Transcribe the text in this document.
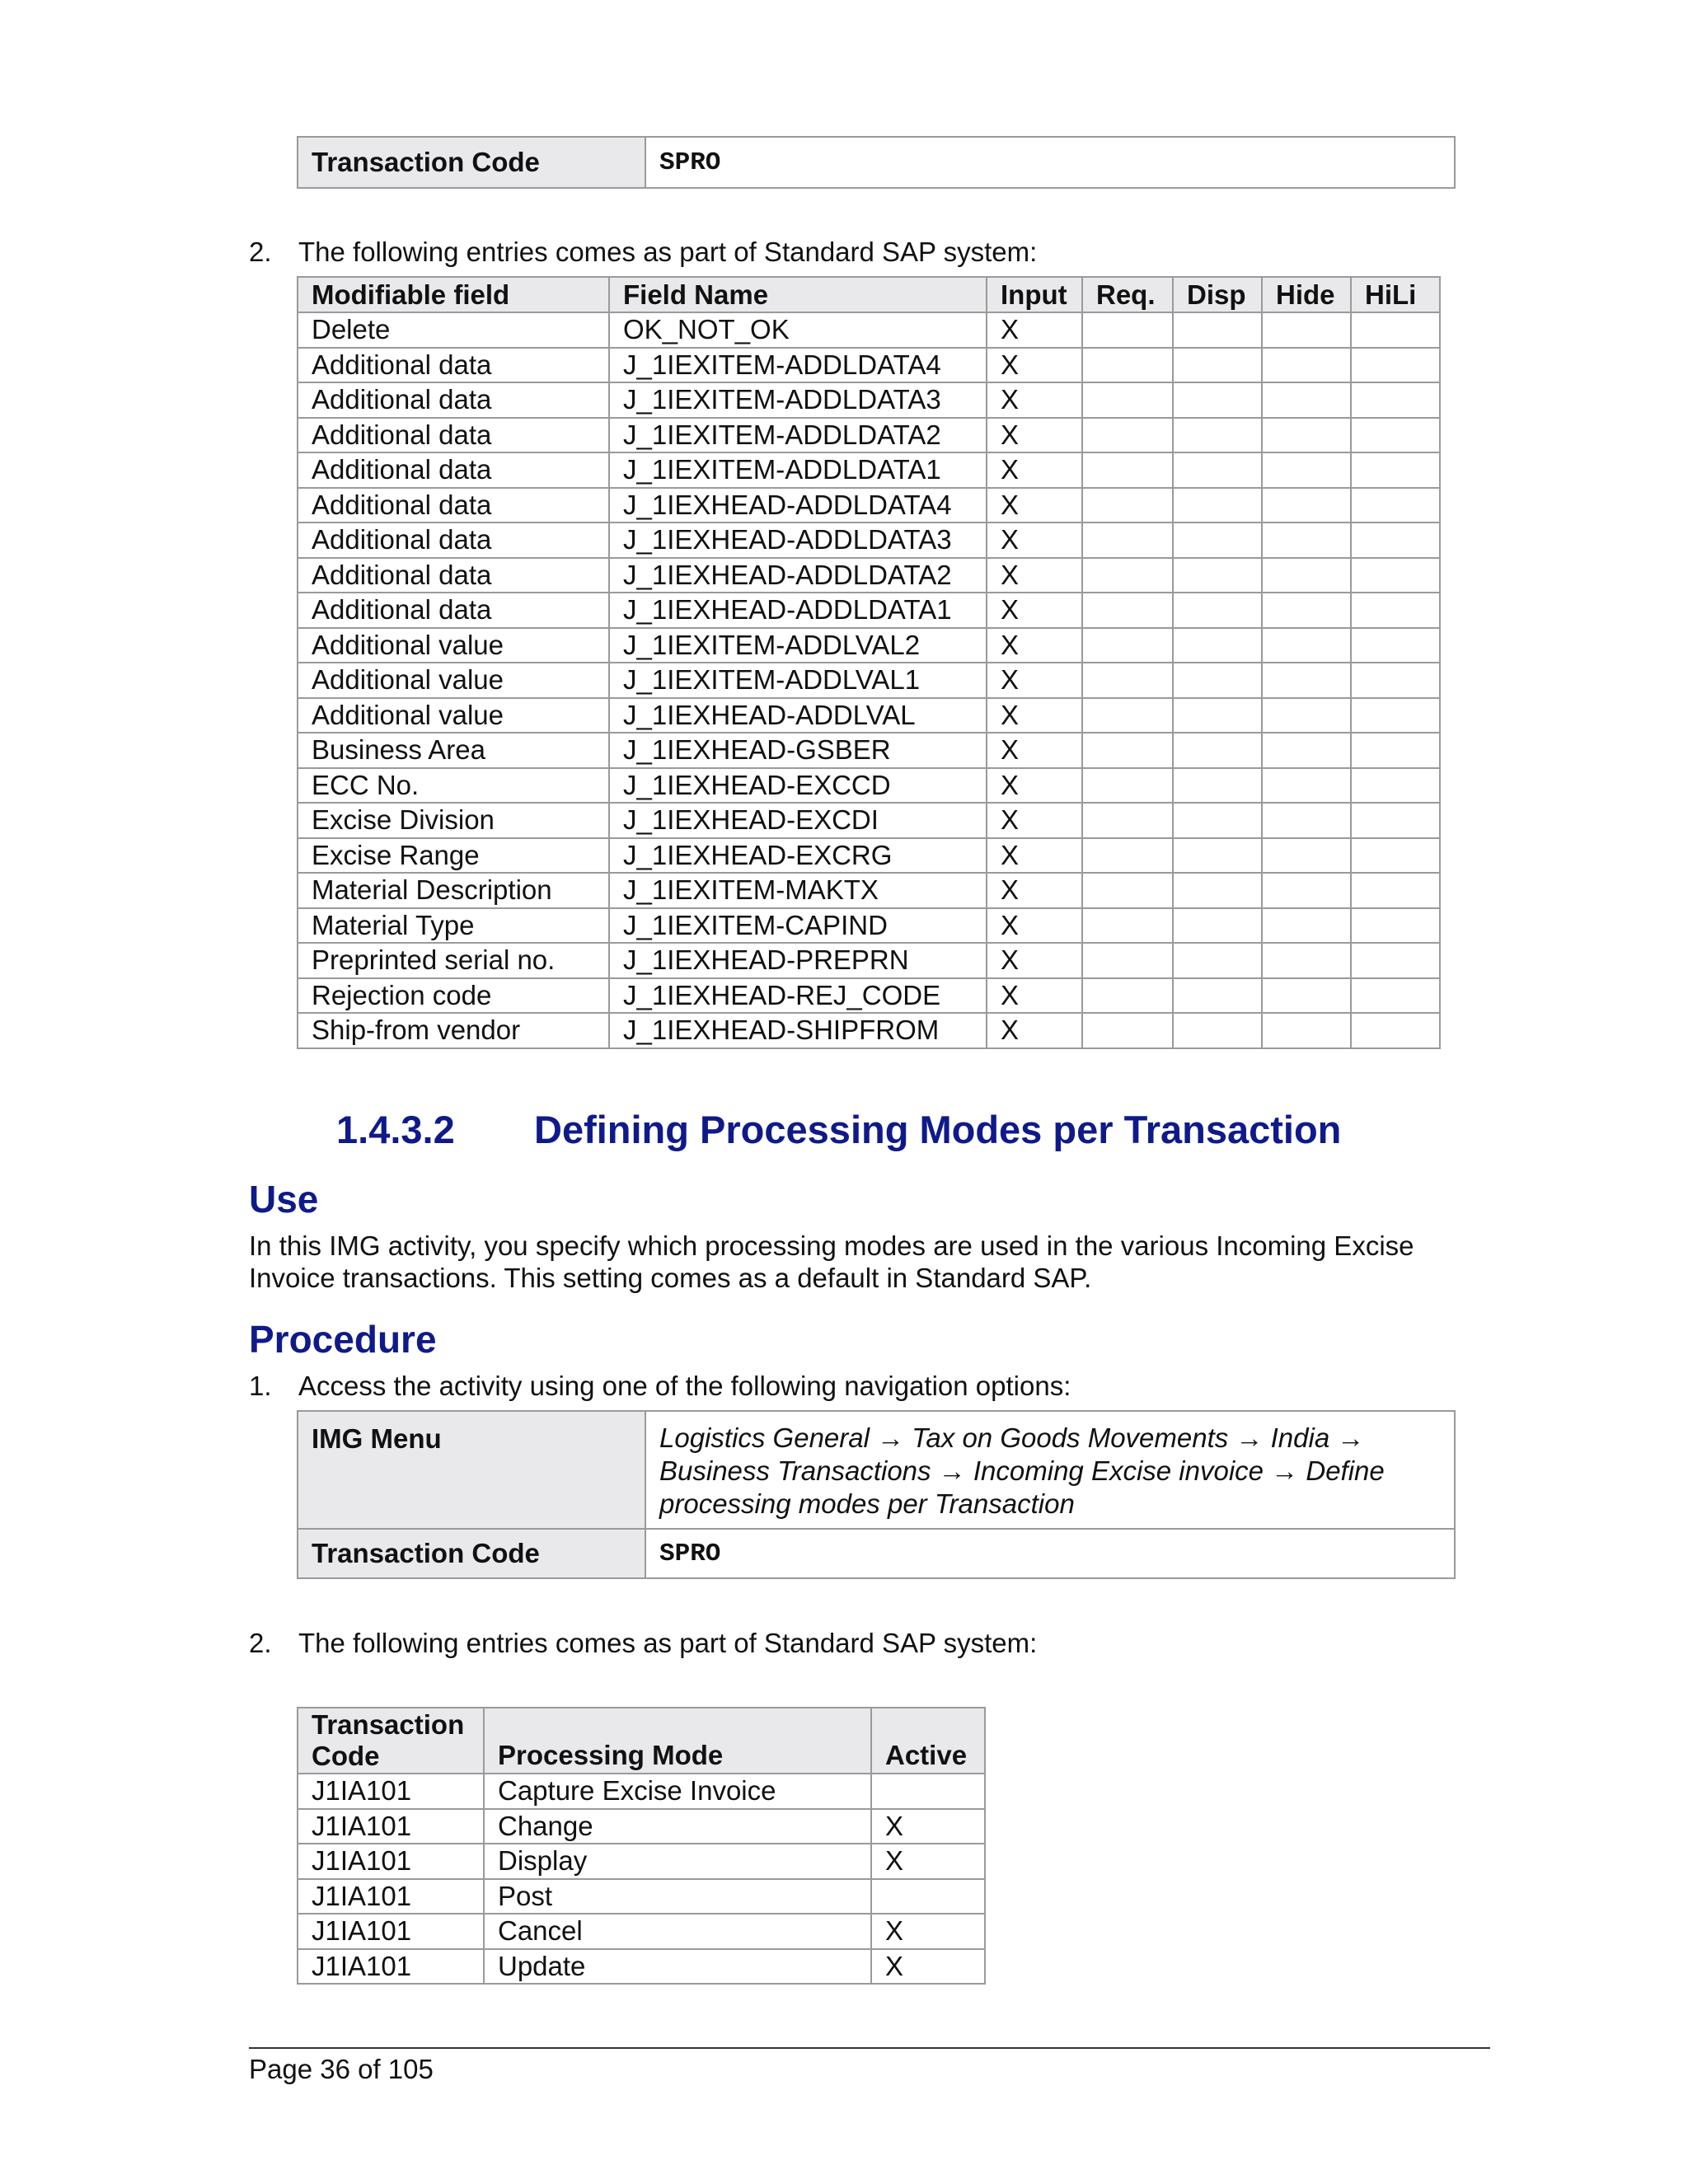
Transaction Code	SPRO
2. The following entries comes as part of Standard SAP system:
Modifiable field	Field Name	Input	Req.	Disp	Hide	HiLi
Delete	OK_NOT_OK	X				
Additional data	J_1IEXITEM-ADDLDATA4	X				
Additional data	J_1IEXITEM-ADDLDATA3	X				
Additional data	J_1IEXITEM-ADDLDATA2	X				
Additional data	J_1IEXITEM-ADDLDATA1	X				
Additional data	J_1IEXHEAD-ADDLDATA4	X				
Additional data	J_1IEXHEAD-ADDLDATA3	X				
Additional data	J_1IEXHEAD-ADDLDATA2	X				
Additional data	J_1IEXHEAD-ADDLDATA1	X				
Additional value	J_1IEXITEM-ADDLVAL2	X				
Additional value	J_1IEXITEM-ADDLVAL1	X				
Additional value	J_1IEXHEAD-ADDLVAL	X				
Business Area	J_1IEXHEAD-GSBER	X				
ECC No.	J_1IEXHEAD-EXCCD	X				
Excise Division	J_1IEXHEAD-EXCDI	X				
Excise Range	J_1IEXHEAD-EXCRG	X				
Material Description	J_1IEXITEM-MAKTX	X				
Material Type	J_1IEXITEM-CAPIND	X				
Preprinted serial no.	J_1IEXHEAD-PREPRN	X				
Rejection code	J_1IEXHEAD-REJ_CODE	X				
Ship-from vendor	J_1IEXHEAD-SHIPFROM	X				
1.4.3.2 Defining Processing Modes per Transaction
Use
In this IMG activity, you specify which processing modes are used in the various Incoming Excise
Invoice transactions. This setting comes as a default in Standard SAP.
Procedure
1. Access the activity using one of the following navigation options:
IMG Menu	Logistics General → Tax on Goods Movements → India → Business Transactions → Incoming Excise invoice → Define processing modes per Transaction
Transaction Code	SPRO
2. The following entries comes as part of Standard SAP system:
Transaction
Code	Processing Mode	Active
J1IA101	Capture Excise Invoice	
J1IA101	Change	X
J1IA101	Display	X
J1IA101	Post	
J1IA101	Cancel	X
J1IA101	Update	X
Page 36 of 105
